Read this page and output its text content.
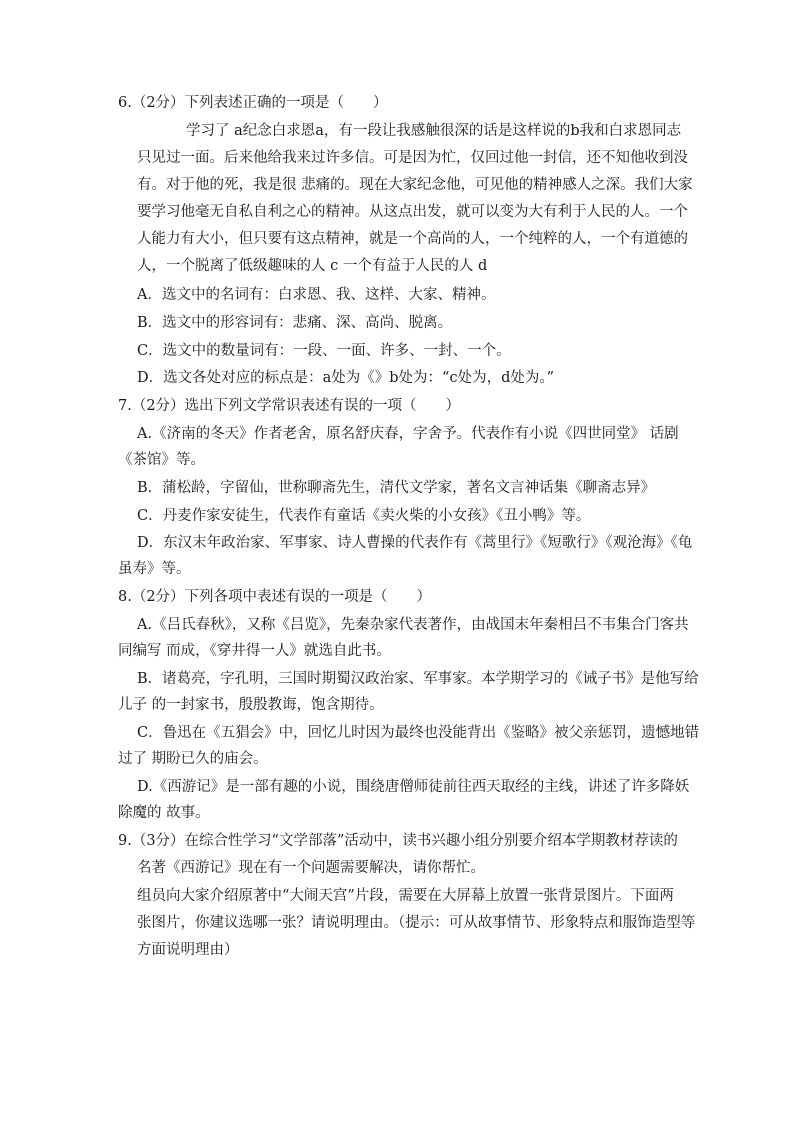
6.（2分）下列表述正确的一项是（　　）
学习了 a纪念白求恩a，有一段让我感触很深的话是这样说的b我和白求恩同志
只见过一面。后来他给我来过许多信。可是因为忙，仅回过他一封信，还不知他收到没
有。对于他的死，我是很 悲痛的。现在大家纪念他，可见他的精神感人之深。我们大家
要学习他毫无自私自利之心的精神。从这点出发，就可以变为大有利于人民的人。一个
人能力有大小，但只要有这点精神，就是一个高尚的人，一个纯粹的人，一个有道德的
人，一个脱离了低级趣味的人 c 一个有益于人民的人 d
A．选文中的名词有：白求恩、我、这样、大家、精神。
B．选文中的形容词有：悲痛、深、高尚、脱离。
C．选文中的数量词有：一段、一面、许多、一封、一个。
D．选文各处对应的标点是：a处为《》b处为：“c处为，d处为。”
7.（2分）选出下列文学常识表述有误的一项（　　）
A.《济南的冬天》作者老舍，原名舒庆春，字舍予。代表作有小说《四世同堂》 话剧
《茶馆》等。
B．蒲松龄，字留仙，世称聊斋先生，清代文学家，著名文言神话集《聊斋志异》
C．丹麦作家安徒生，代表作有童话《卖火柴的小女孩》《丑小鸭》等。
D．东汉末年政治家、军事家、诗人曹操的代表作有《蒿里行》《短歌行》《观沧海》《龟
虽寿》等。
8.（2分）下列各项中表述有误的一项是（　　）
A.《吕氏春秋》，又称《吕览》，先秦杂家代表著作，由战国末年秦相吕不韦集合门客共
同编写 而成，《穿井得一人》就选自此书。
B．诸葛亮，字孔明，三国时期蜀汉政治家、军事家。本学期学习的《诫子书》是他写给
儿子 的一封家书，殷殷教诲，饱含期待。
C．鲁迅在《五猖会》中，回忆儿时因为最终也没能背出《鉴略》被父亲惩罚，遗憾地错
过了 期盼已久的庙会。
D.《西游记》是一部有趣的小说，围绕唐僧师徒前往西天取经的主线，讲述了许多降妖
除魔的 故事。
9.（3分）在综合性学习“文学部落”活动中，读书兴趣小组分别要介绍本学期教材荐读的
名著《西游记》现在有一个问题需要解决，请你帮忙。
组员向大家介绍原著中“大闹天宫”片段，需要在大屏幕上放置一张背景图片。下面两
张图片，你建议选哪一张？请说明理由。（提示：可从故事情节、形象特点和服饰造型等
方面说明理由）
